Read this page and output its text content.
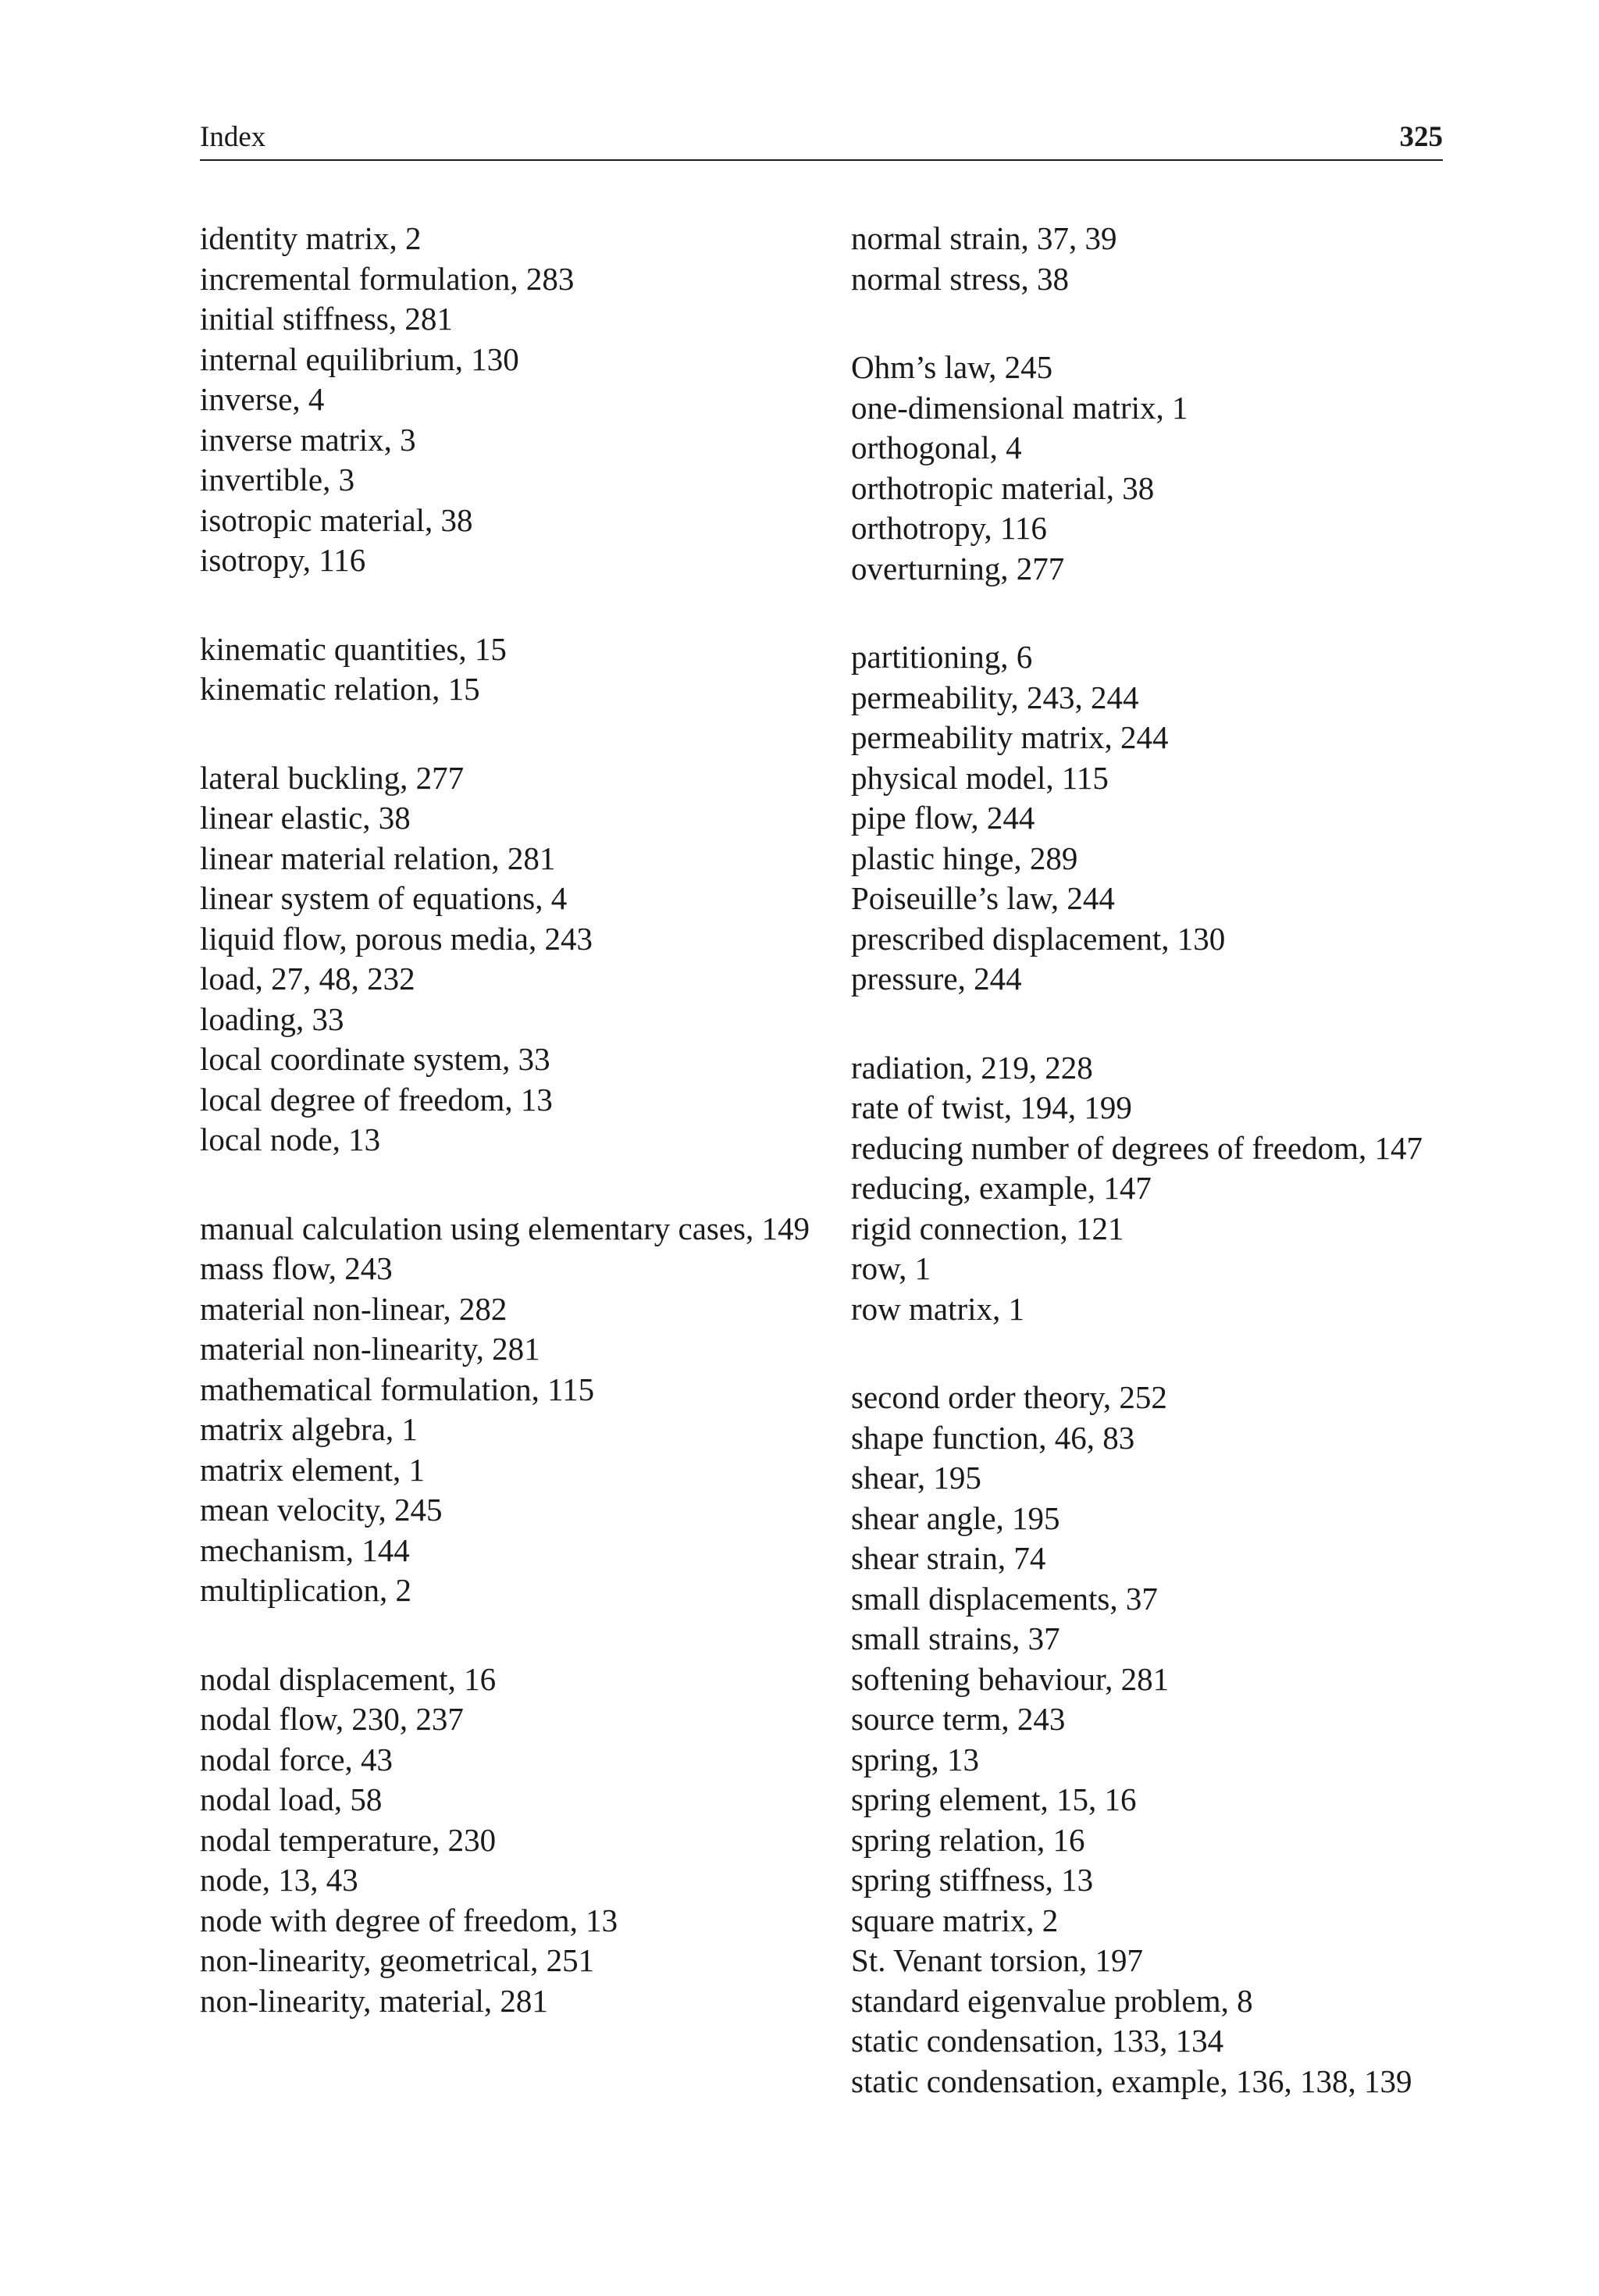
Index	325
identity matrix, 2
incremental formulation, 283
initial stiffness, 281
internal equilibrium, 130
inverse, 4
inverse matrix, 3
invertible, 3
isotropic material, 38
isotropy, 116
kinematic quantities, 15
kinematic relation, 15
lateral buckling, 277
linear elastic, 38
linear material relation, 281
linear system of equations, 4
liquid flow, porous media, 243
load, 27, 48, 232
loading, 33
local coordinate system, 33
local degree of freedom, 13
local node, 13
manual calculation using elementary cases, 149
mass flow, 243
material non-linear, 282
material non-linearity, 281
mathematical formulation, 115
matrix algebra, 1
matrix element, 1
mean velocity, 245
mechanism, 144
multiplication, 2
nodal displacement, 16
nodal flow, 230, 237
nodal force, 43
nodal load, 58
nodal temperature, 230
node, 13, 43
node with degree of freedom, 13
non-linearity, geometrical, 251
non-linearity, material, 281
normal strain, 37, 39
normal stress, 38
Ohm’s law, 245
one-dimensional matrix, 1
orthogonal, 4
orthotropic material, 38
orthotropy, 116
overturning, 277
partitioning, 6
permeability, 243, 244
permeability matrix, 244
physical model, 115
pipe flow, 244
plastic hinge, 289
Poiseuille’s law, 244
prescribed displacement, 130
pressure, 244
radiation, 219, 228
rate of twist, 194, 199
reducing number of degrees of freedom, 147
reducing, example, 147
rigid connection, 121
row, 1
row matrix, 1
second order theory, 252
shape function, 46, 83
shear, 195
shear angle, 195
shear strain, 74
small displacements, 37
small strains, 37
softening behaviour, 281
source term, 243
spring, 13
spring element, 15, 16
spring relation, 16
spring stiffness, 13
square matrix, 2
St. Venant torsion, 197
standard eigenvalue problem, 8
static condensation, 133, 134
static condensation, example, 136, 138, 139
